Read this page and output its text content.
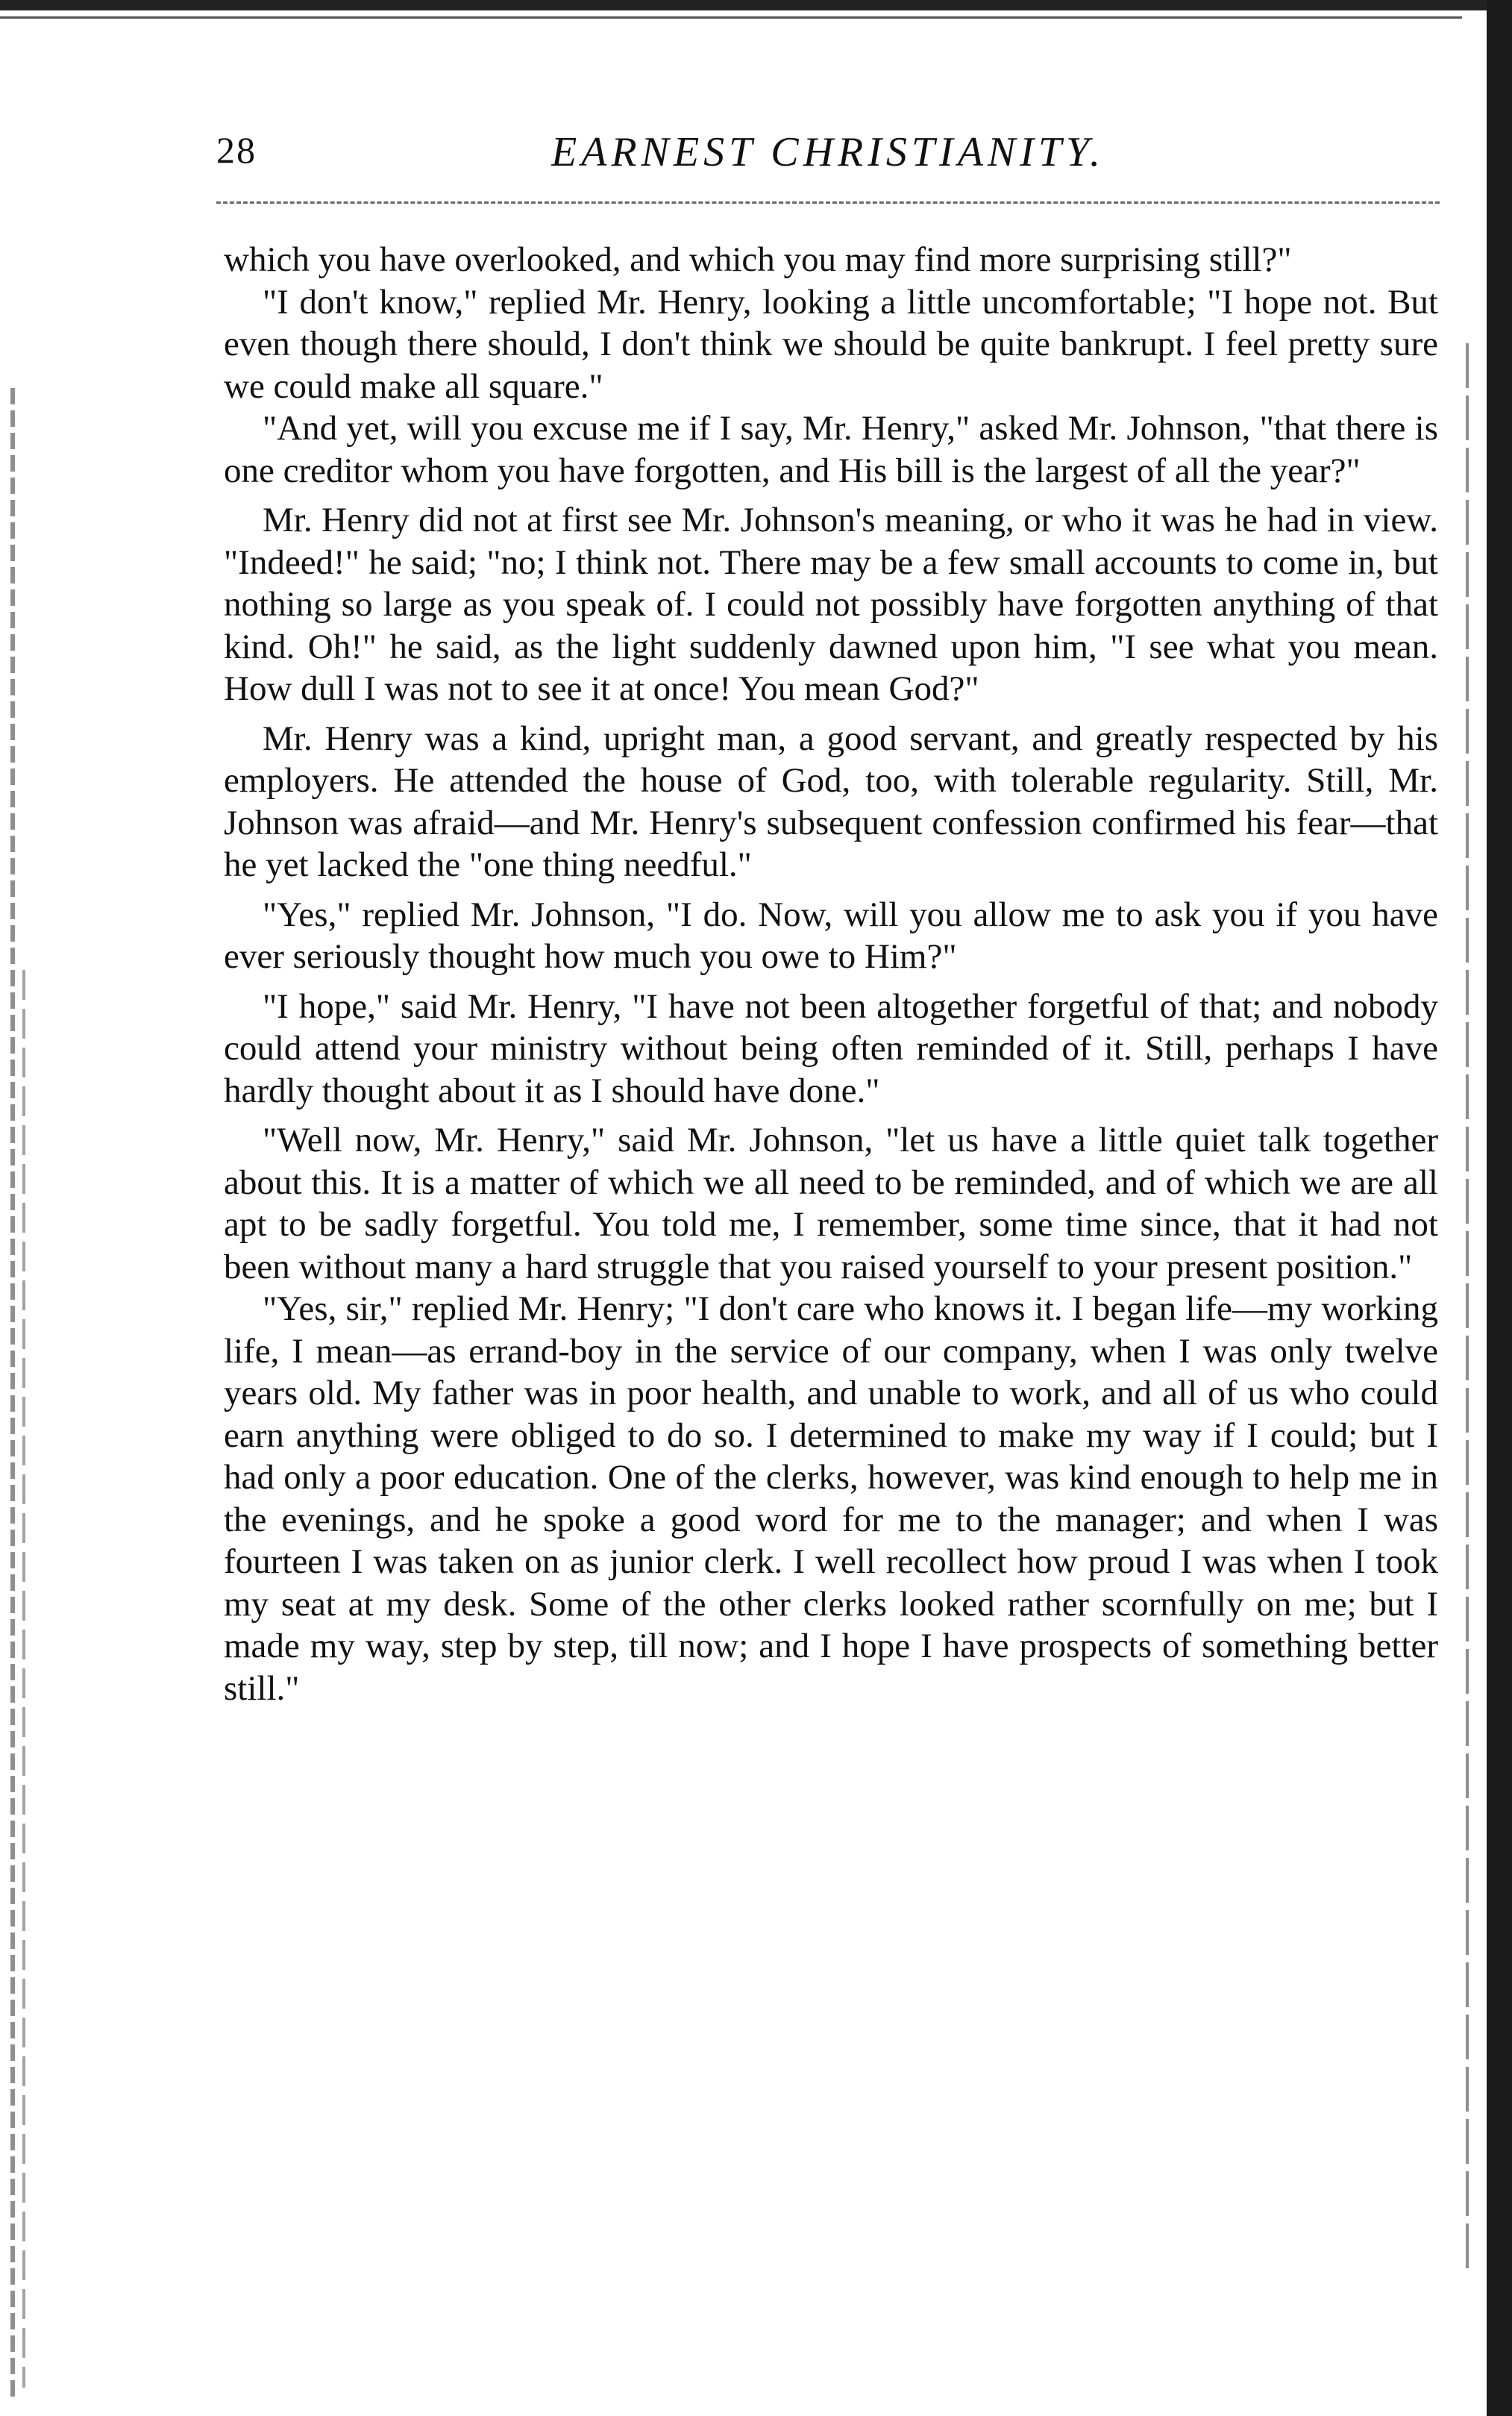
28	EARNEST CHRISTIANITY.

which you have overlooked, and which you may find more surprising still?"

"I don't know," replied Mr. Henry, looking a little uncomfortable; "I hope not. But even though there should, I don't think we should be quite bankrupt. I feel pretty sure we could make all square."

"And yet, will you excuse me if I say, Mr. Henry," asked Mr. Johnson, "that there is one creditor whom you have forgotten, and His bill is the largest of all the year?"

Mr. Henry did not at first see Mr. Johnson's meaning, or who it was he had in view. "Indeed!" he said; "no; I think not. There may be a few small accounts to come in, but nothing so large as you speak of. I could not possibly have forgotten anything of that kind. Oh!" he said, as the light suddenly dawned upon him, "I see what you mean. How dull I was not to see it at once! You mean God?"

Mr. Henry was a kind, upright man, a good servant, and greatly respected by his employers. He attended the house of God, too, with tolerable regularity. Still, Mr. Johnson was afraid—and Mr. Henry's subsequent confession confirmed his fear—that he yet lacked the "one thing needful."

"Yes," replied Mr. Johnson, "I do. Now, will you allow me to ask you if you have ever seriously thought how much you owe to Him?"

"I hope," said Mr. Henry, "I have not been altogether forgetful of that; and nobody could attend your ministry without being often reminded of it. Still, perhaps I have hardly thought about it as I should have done."

"Well now, Mr. Henry," said Mr. Johnson, "let us have a little quiet talk together about this. It is a matter of which we all need to be reminded, and of which we are all apt to be sadly forgetful. You told me, I remember, some time since, that it had not been without many a hard struggle that you raised yourself to your present position."

"Yes, sir," replied Mr. Henry; "I don't care who knows it. I began life—my working life, I mean—as errand-boy in the service of our company, when I was only twelve years old. My father was in poor health, and unable to work, and all of us who could earn anything were obliged to do so. I determined to make my way if I could; but I had only a poor education. One of the clerks, however, was kind enough to help me in the evenings, and he spoke a good word for me to the manager; and when I was fourteen I was taken on as junior clerk. I well recollect how proud I was when I took my seat at my desk. Some of the other clerks looked rather scornfully on me; but I made my way, step by step, till now; and I hope I have prospects of something better still."
